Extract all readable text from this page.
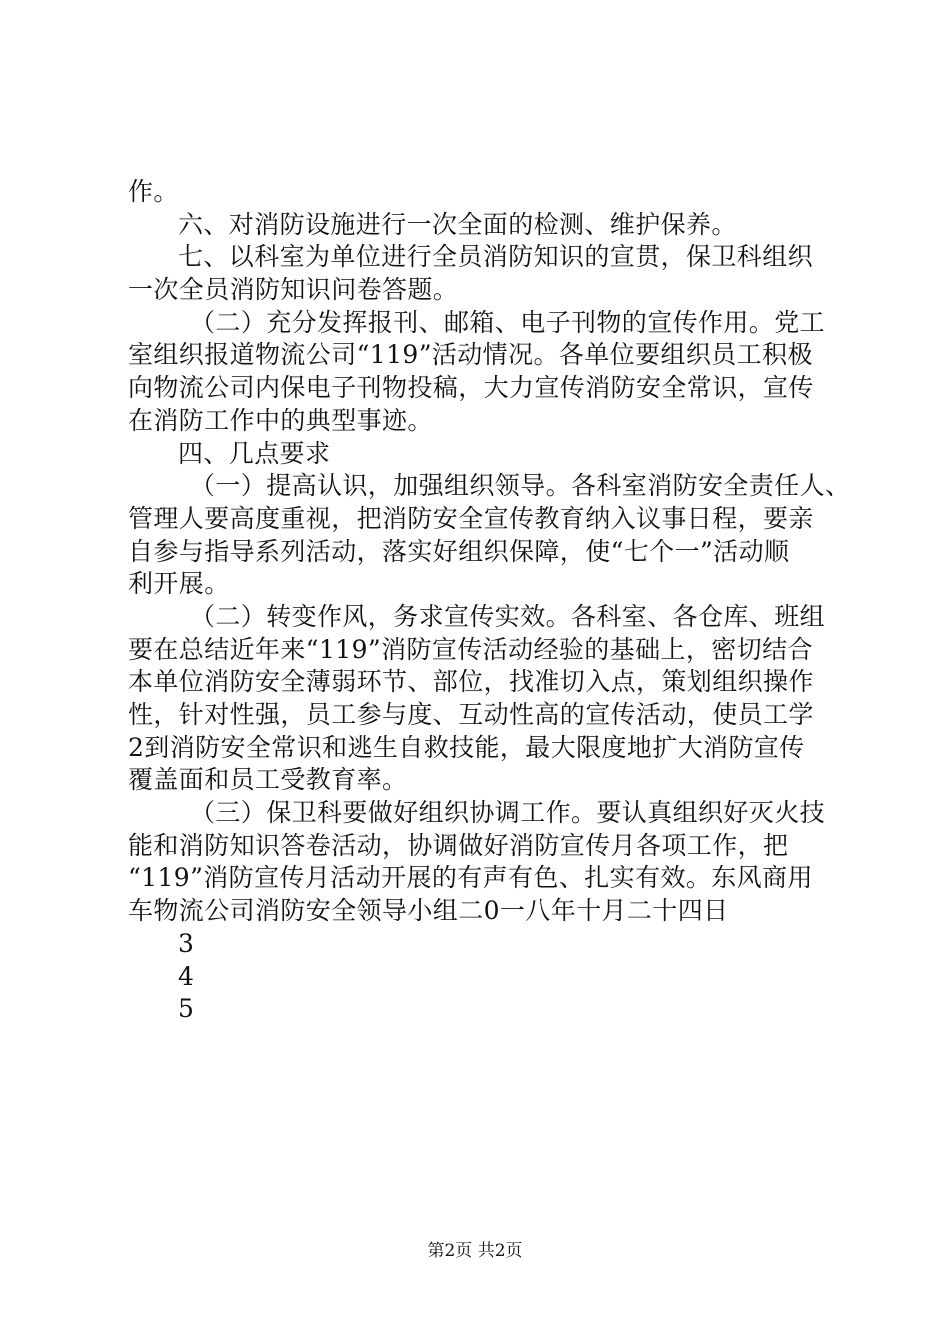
作。
六、对消防设施进行一次全面的检测、维护保养。
七、以科室为单位进行全员消防知识的宣贯，保卫科组织
一次全员消防知识问卷答题。
（二）充分发挥报刊、邮箱、电子刊物的宣传作用。党工
室组织报道物流公司“119”活动情况。各单位要组织员工积极
向物流公司内保电子刊物投稿，大力宣传消防安全常识，宣传
在消防工作中的典型事迹。
四、几点要求
（一）提高认识，加强组织领导。各科室消防安全责任人、
管理人要高度重视，把消防安全宣传教育纳入议事日程，要亲
自参与指导系列活动，落实好组织保障，使“七个一”活动顺
利开展。
（二）转变作风，务求宣传实效。各科室、各仓库、班组
要在总结近年来“119”消防宣传活动经验的基础上，密切结合
本单位消防安全薄弱环节、部位，找准切入点，策划组织操作
性，针对性强，员工参与度、互动性高的宣传活动，使员工学
2到消防安全常识和逃生自救技能，最大限度地扩大消防宣传
覆盖面和员工受教育率。
（三）保卫科要做好组织协调工作。要认真组织好灭火技
能和消防知识答卷活动，协调做好消防宣传月各项工作，把
“119”消防宣传月活动开展的有声有色、扎实有效。东风商用
车物流公司消防安全领导小组二0一八年十月二十四日
3
4
5
第2页 共2页
